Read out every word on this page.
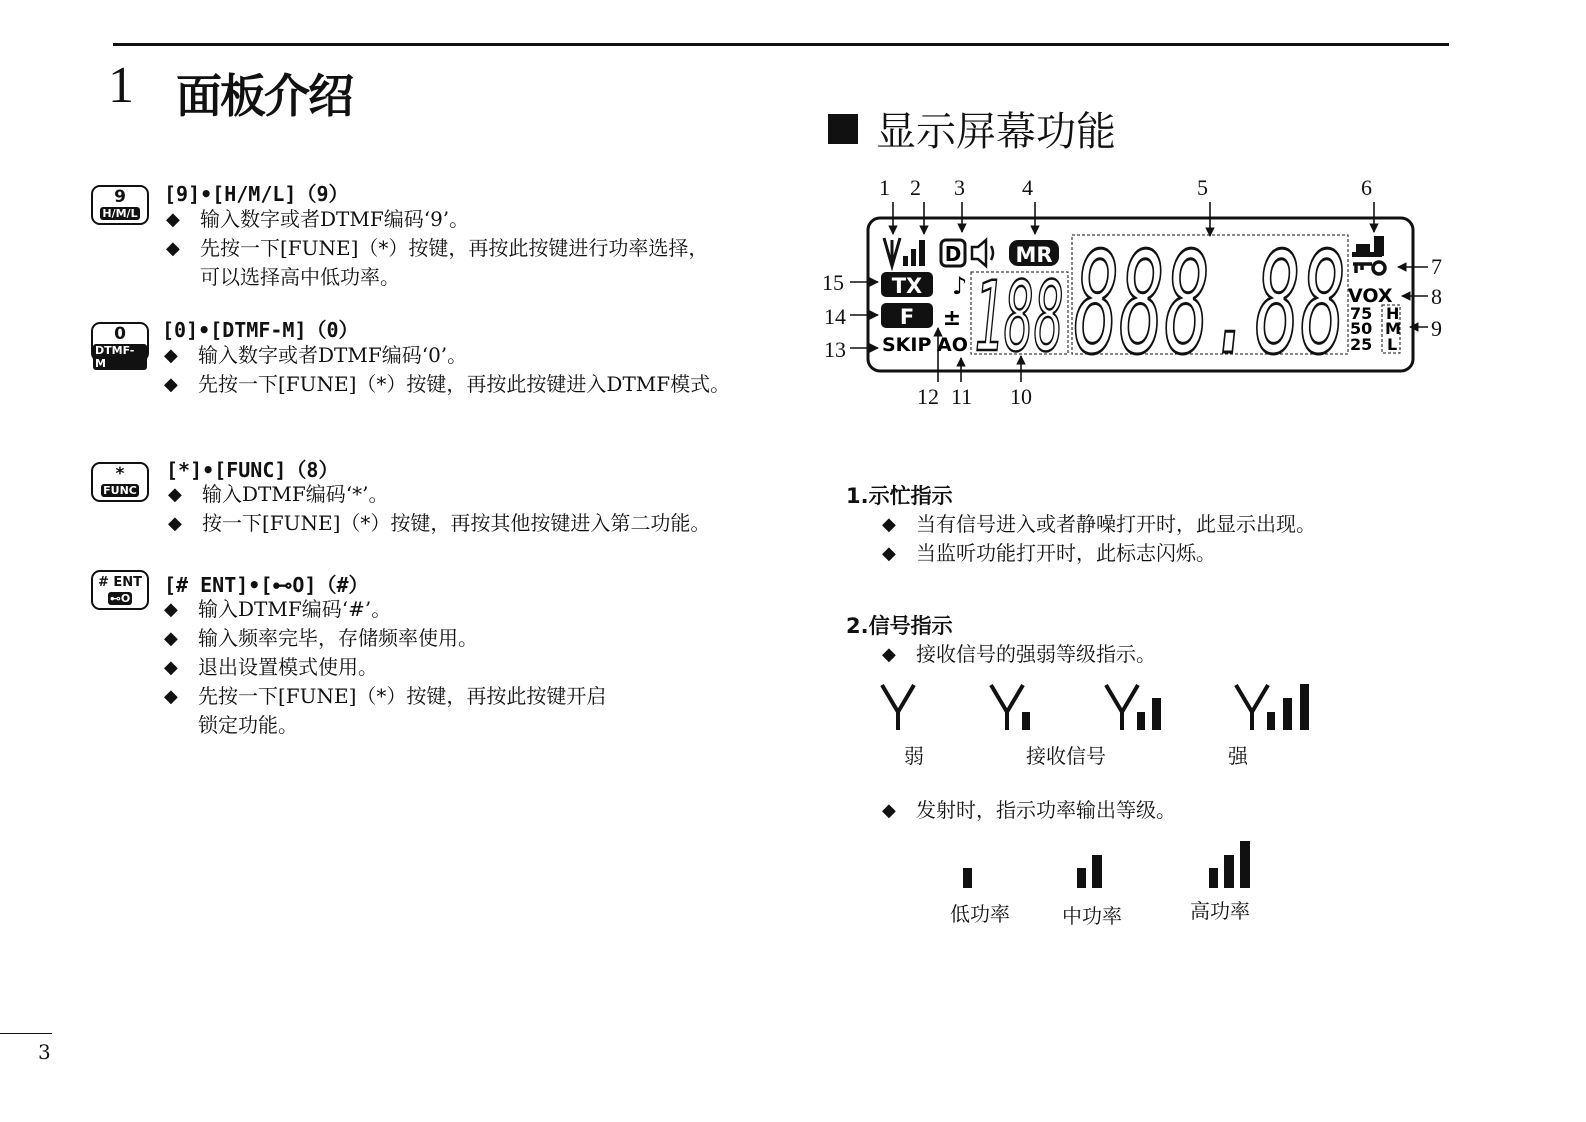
1 面板介绍
显示屏幕功能
9
H/M/L
[9]•[H/M/L]（9）
◆	输入数字或者DTMF编码‘9’。
◆	先按一下[FUNE]（*）按键，再按此按键进行功率选择，
可以选择高中低功率。
0
DTMF-M
[0]•[DTMF-M]（0）
◆	输入数字或者DTMF编码‘0’。
◆	先按一下[FUNE]（*）按键，再按此按键进入DTMF模式。
*
FUNC
[*]•[FUNC]（8）
◆	输入DTMF编码‘*’。
◆	按一下[FUNE]（*）按键，再按其他按键进入第二功能。
# ENT
⊷O
[# ENT]•[⊷O]（#）
◆	输入DTMF编码‘#’。
◆	输入频率完毕，存储频率使用。
◆	退出设置模式使用。
◆	先按一下[FUNE]（*）按键，再按此按键开启
锁定功能。
1 2 3	4	5	6
7
8
9
10
11
12
13
14
15
D	MR
TX ♪
F ±
SKIP AO 188 888.88 VOX
75
50
25
H
M
L
1.示忙指示
◆	当有信号进入或者静噪打开时，此显示出现。
◆	当监听功能打开时，此标志闪烁。
2.信号指示
◆	接收信号的强弱等级指示。
弱	接收信号	强
◆	发射时，指示功率输出等级。
低功率	中功率	高功率
3
